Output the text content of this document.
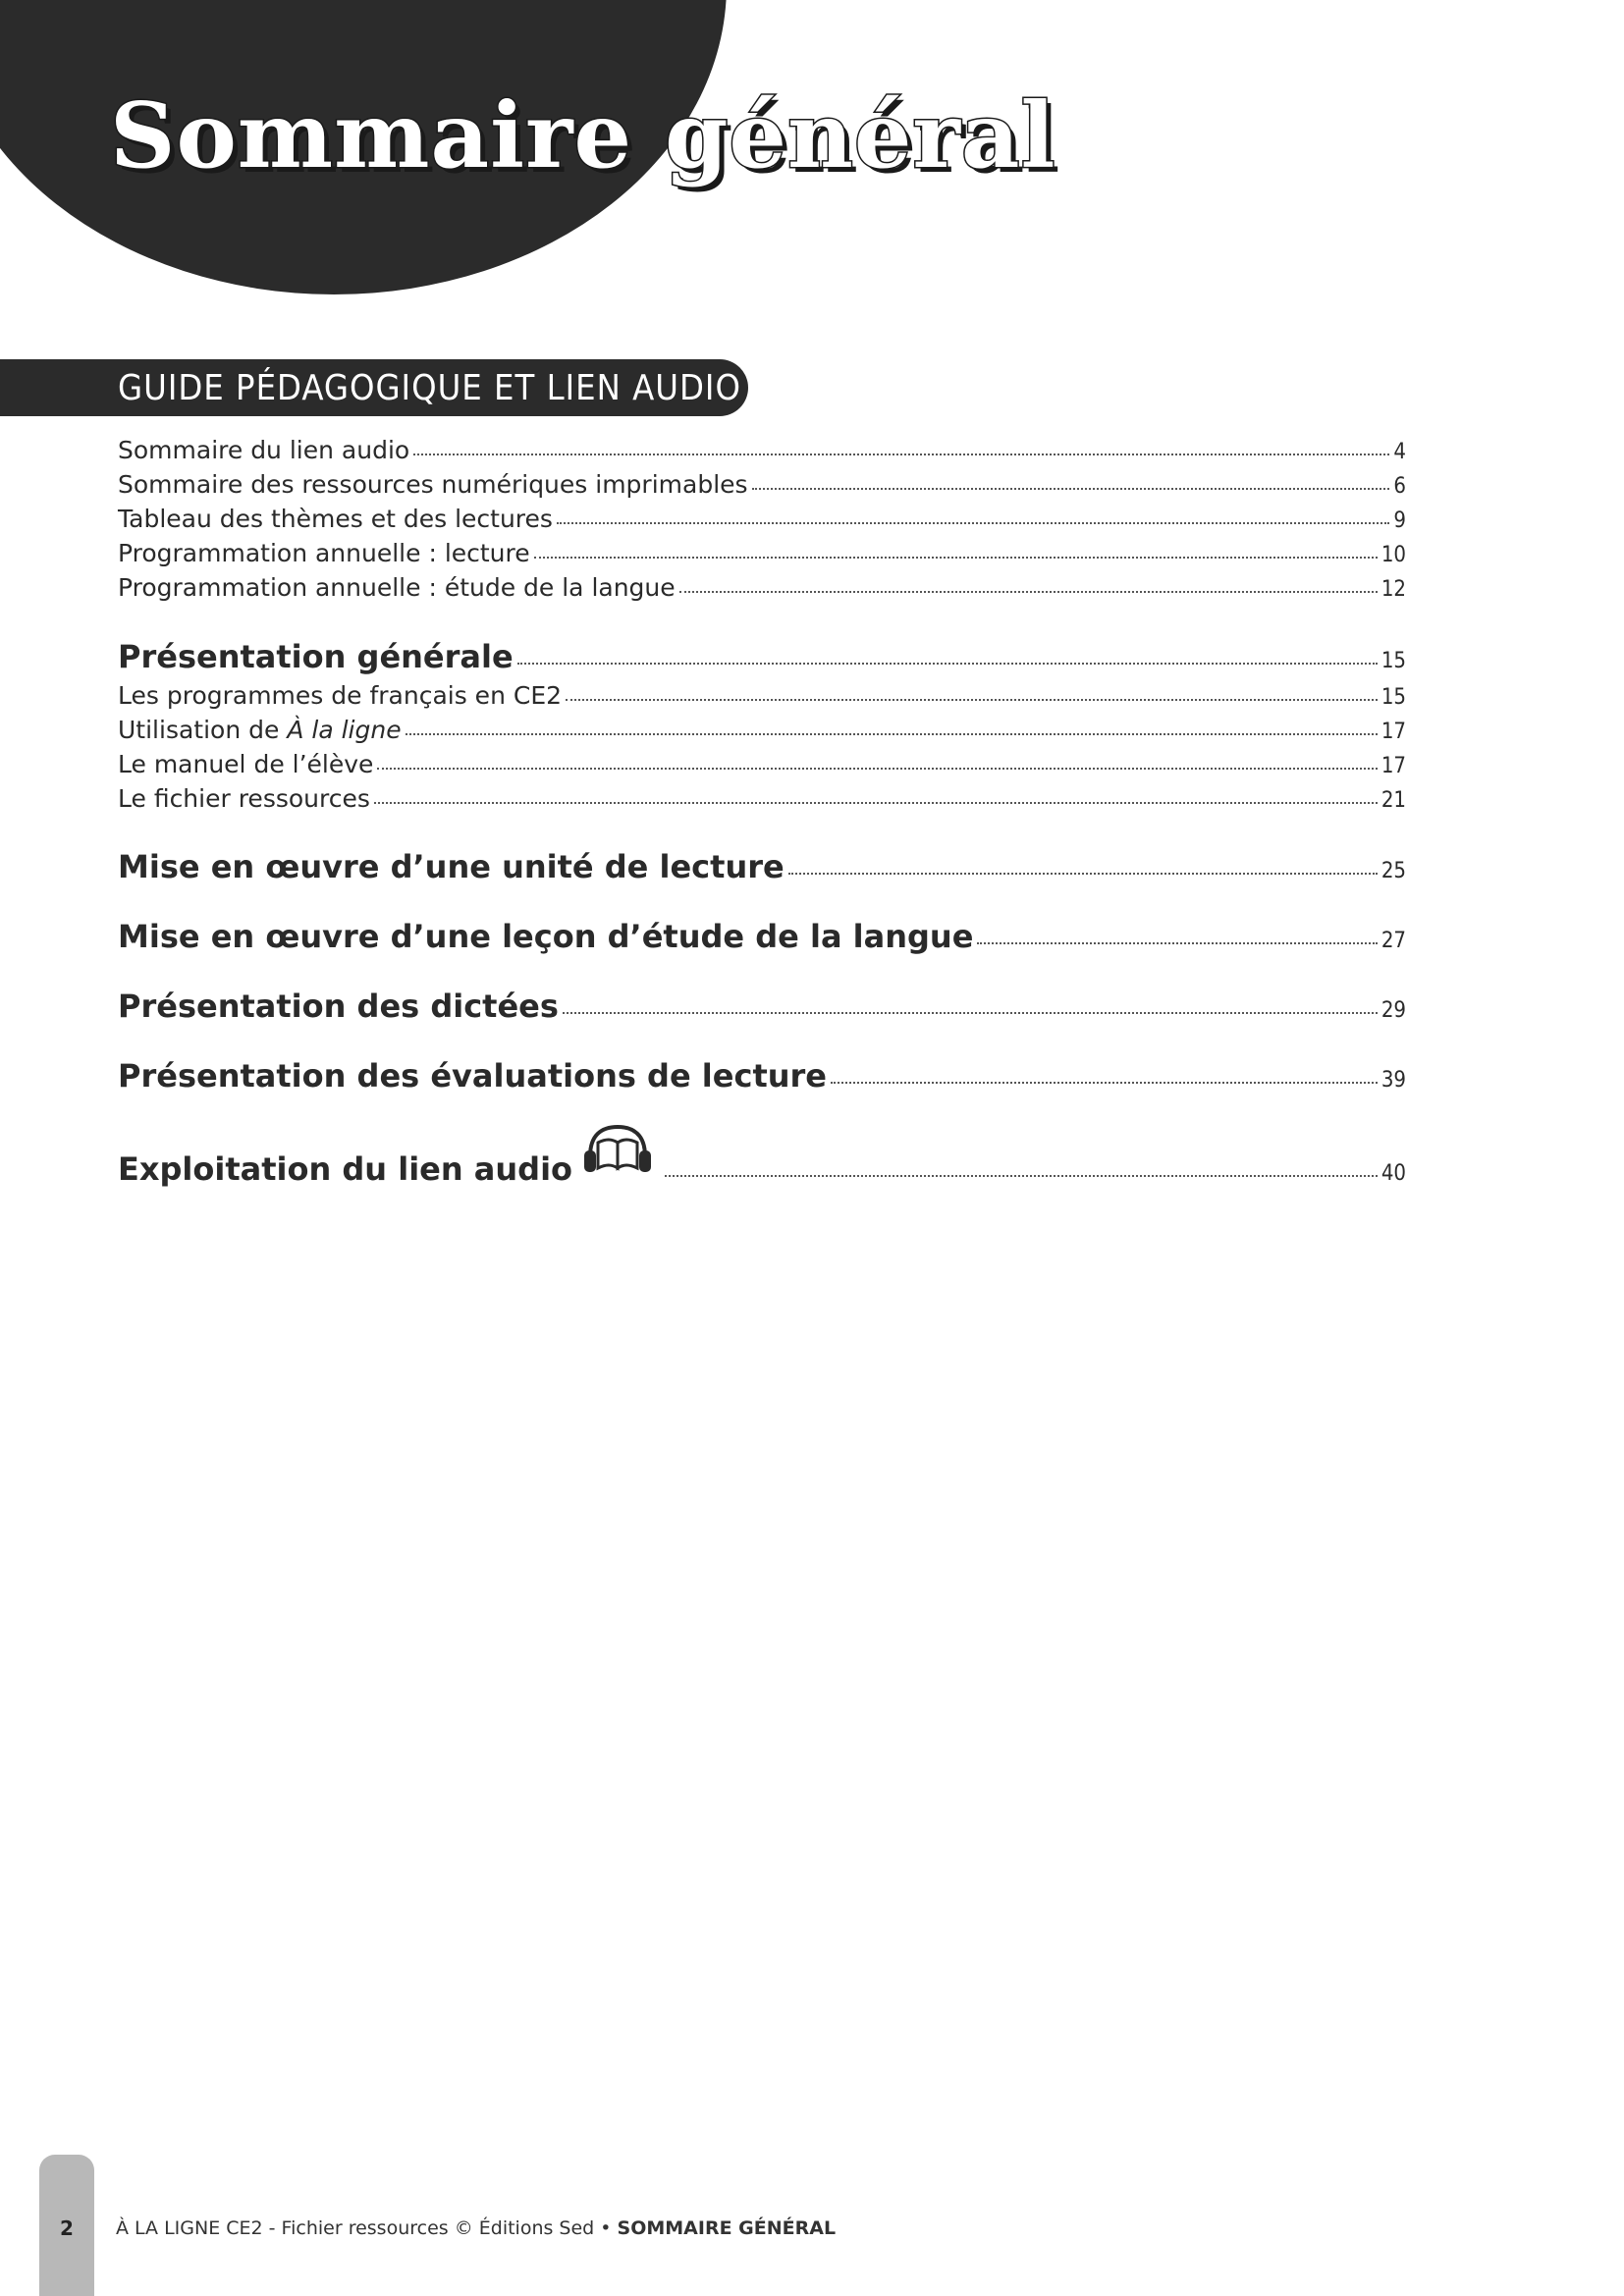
Sommaire général
GUIDE PÉDAGOGIQUE ET LIEN AUDIO
Sommaire du lien audio	4
Sommaire des ressources numériques imprimables	6
Tableau des thèmes et des lectures	9
Programmation annuelle : lecture	10
Programmation annuelle : étude de la langue	12
Présentation générale	15
Les programmes de français en CE2	15
Utilisation de À la ligne	17
Le manuel de l’élève	17
Le fichier ressources	21
Mise en œuvre d’une unité de lecture	25
Mise en œuvre d’une leçon d’étude de la langue	27
Présentation des dictées	29
Présentation des évaluations de lecture	39
Exploitation du lien audio	40
2	À LA LIGNE CE2 - Fichier ressources © Éditions Sed • SOMMAIRE GÉNÉRAL
